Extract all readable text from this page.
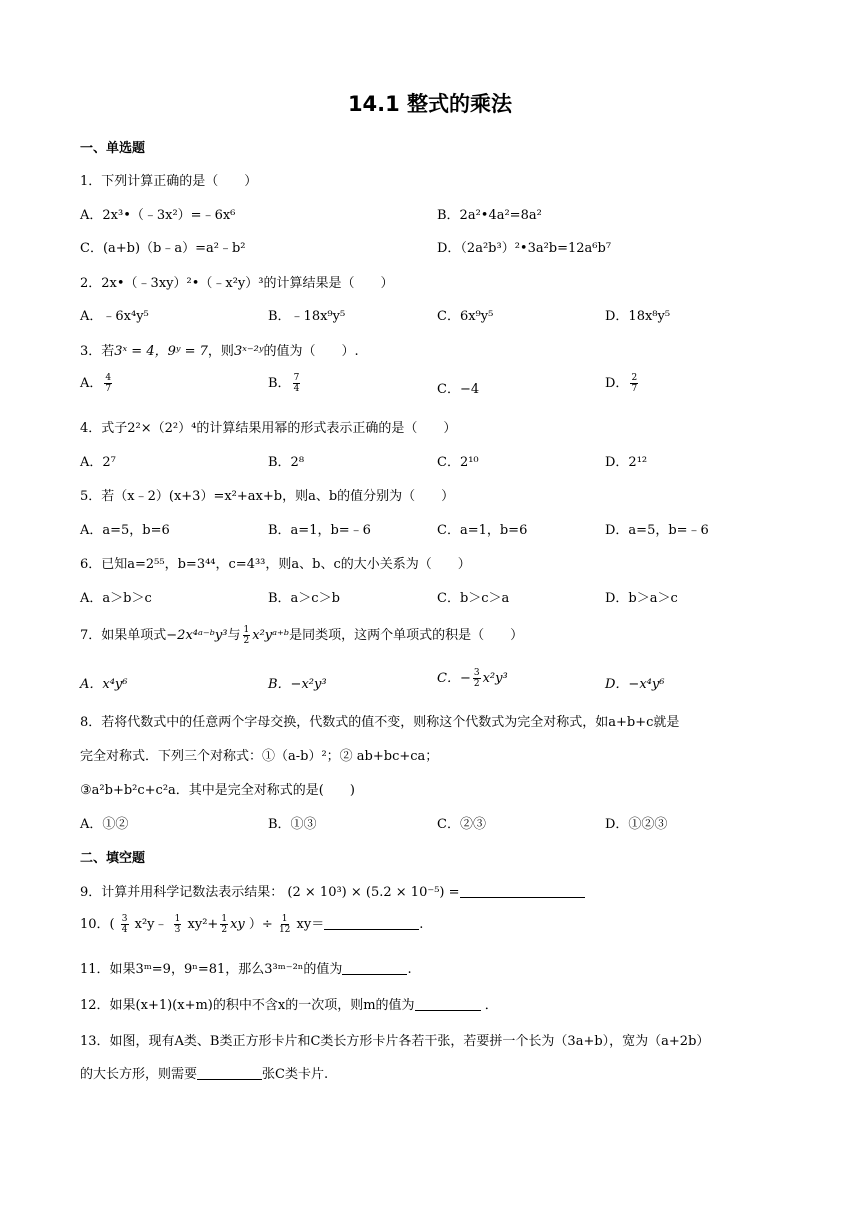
14.1 整式的乘法
一、单选题
1．下列计算正确的是（　　）
A．2x³•（﹣3x²）=﹣6x⁶	B．2a²•4a²=8a²
C．(a+b)（b﹣a）=a²﹣b²	D．（2a²b³）²•3a²b=12a⁶b⁷
2．2x•（﹣3xy）²•（﹣x²y）³的计算结果是（　　）
A．﹣6x⁴y⁵	B．﹣18x⁹y⁵	C．6x⁹y⁵	D．18x⁸y⁵
3．若3ˣ = 4，9ʸ = 7，则3ˣ⁻²ʸ的值为（　　）.
A． $\frac{4}{7}$	B． $\frac{7}{4}$	C．−4	D． $\frac{2}{7}$
4．式子2²×（2²）⁴的计算结果用幂的形式表示正确的是（　　）
A．2⁷	B．2⁸	C．2¹⁰	D．2¹²
5．若（x﹣2）(x+3）=x²+ax+b，则a、b的值分别为（　　）
A．a=5，b=6	B．a=1，b=﹣6	C．a=1，b=6	D．a=5，b=﹣6
6．已知a=2⁵⁵，b=3⁴⁴，c=4³³，则a、b、c的大小关系为（　　）
A．a＞b＞c	B．a＞c＞b	C．b＞c＞a	D．b＞a＞c
7．如果单项式−2x⁴ᵃ⁻ᵇy³与 $\frac{1}{2}$ x²yᵃ⁺ᵇ是同类项，这两个单项式的积是（　　）
A．x⁴y⁶	B．−x²y³	C．− $\frac{3}{2} x^2y^3$	D．−x⁴y⁶
8．若将代数式中的任意两个字母交换，代数式的值不变，则称这个代数式为完全对称式，如a+b+c就是
完全对称式．下列三个对称式：①（a-b）²；② ab+bc+ca；
③a²b+b²c+c²a．其中是完全对称式的是(　　)
A．①②	B．①③	C．②③	D．①②③
二、填空题
9．计算并用科学记数法表示结果： (2 × 10³) × (5.2 × 10⁻⁵) =
10．( $\frac{3}{4}$ x²y﹣ $\frac{1}{3} xy^2+ \frac{1}{2}$ xy ）÷ $\frac{1}{12} xy=$	.
11．如果3ᵐ=9，9ⁿ=81，那么3³ᵐ⁻²ⁿ的值为	.
12．如果(x+1)(x+m)的积中不含x的一次项，则m的值为	．
13．如图，现有A类、B类正方形卡片和C类长方形卡片各若干张，若要拼一个长为（3a+b），宽为（a+2b）
的大长方形，则需要	张C类卡片.
